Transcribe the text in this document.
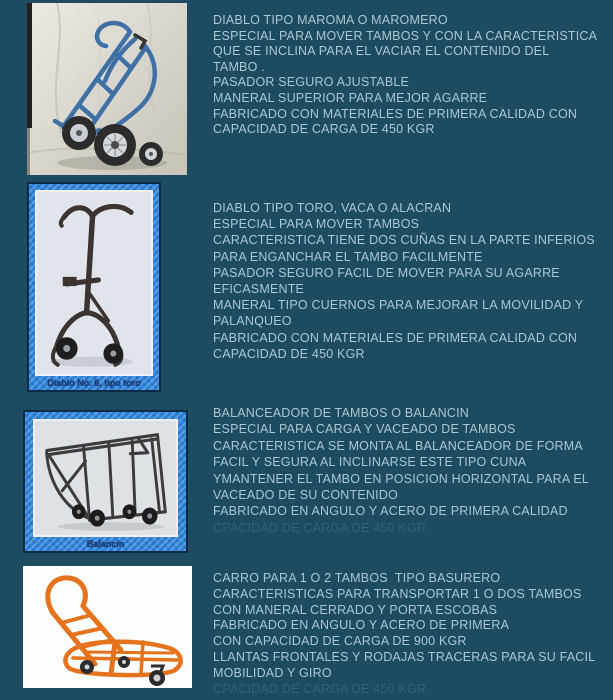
DIABLO TIPO MAROMA O MAROMERO
ESPECIAL PARA MOVER TAMBOS Y CON LA CARACTERISTICA
QUE SE INCLINA PARA EL VACIAR EL CONTENIDO DEL
TAMBO .
PASADOR SEGURO AJUSTABLE
MANERAL SUPERIOR PARA MEJOR AGARRE
FABRICADO CON MATERIALES DE PRIMERA CALIDAD CON
CAPACIDAD DE CARGA DE 450 KGR
Diablo No. 6, tipo toro
DIABLO TIPO TORO, VACA O ALACRAN
ESPECIAL PARA MOVER TAMBOS
CARACTERISTICA TIENE DOS CUÑAS EN LA PARTE INFERIOS
PARA ENGANCHAR EL TAMBO FACILMENTE
PASADOR SEGURO FACIL DE MOVER PARA SU AGARRE
EFICASMENTE
MANERAL TIPO CUERNOS PARA MEJORAR LA MOVILIDAD Y
PALANQUEO
FABRICADO CON MATERIALES DE PRIMERA CALIDAD CON
CAPACIDAD DE 450 KGR
Balancin
BALANCEADOR DE TAMBOS O BALANCIN
ESPECIAL PARA CARGA Y VACEADO DE TAMBOS
CARACTERISTICA SE MONTA AL BALANCEADOR DE FORMA
FACIL Y SEGURA AL INCLINARSE ESTE TIPO CUNA
YMANTENER EL TAMBO EN POSICION HORIZONTAL PARA EL
VACEADO DE SU CONTENIDO
FABRICADO EN ANGULO Y ACERO DE PRIMERA CALIDAD
CPACIDAD DE CARGA DE 450 KGR
CARRO PARA 1 O 2 TAMBOS  TIPO BASURERO
CARACTERISTICAS PARA TRANSPORTAR 1 O DOS TAMBOS
CON MANERAL CERRADO Y PORTA ESCOBAS
FABRICADO EN ANGULO Y ACERO DE PRIMERA
CON CAPACIDAD DE CARGA DE 900 KGR
LLANTAS FRONTALES Y RODAJAS TRACERAS PARA SU FACIL
MOBILIDAD Y GIRO
CPACIDAD DE CARGA DE 450 KGR
